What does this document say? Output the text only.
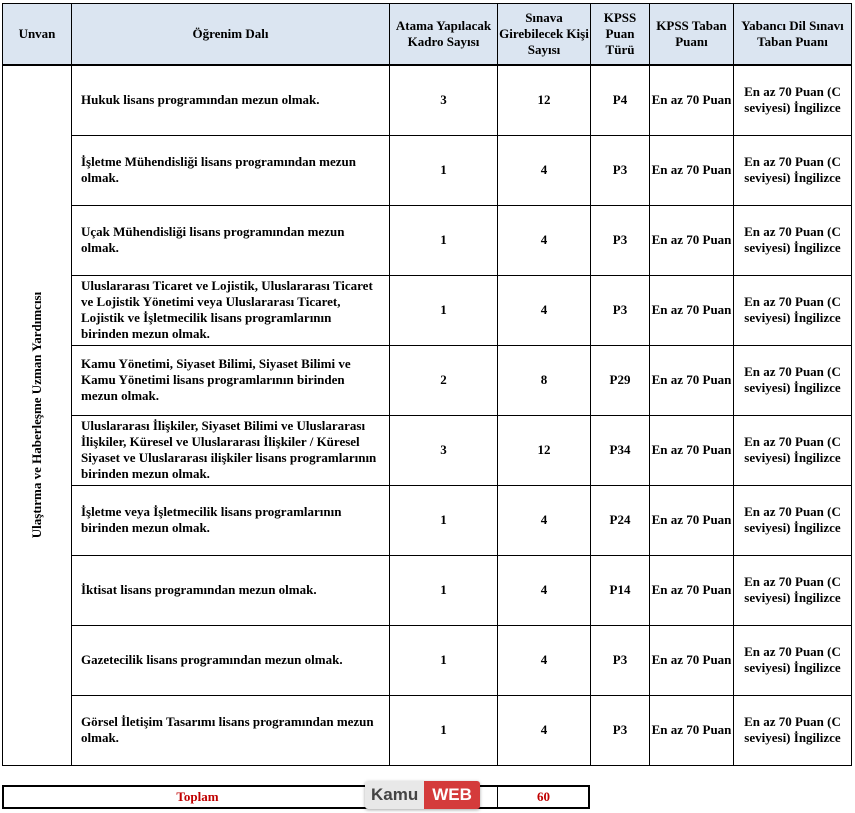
Unvan	Öğrenim Dalı	Atama Yapılacak Kadro Sayısı	Sınava Girebilecek Kişi Sayısı	KPSS Puan Türü	KPSS Taban Puanı	Yabancı Dil Sınavı Taban Puanı

Ulaştırma ve Haberleşme Uzman Yardımcısı	Hukuk lisans programından mezun olmak.	3	12	P4	En az 70 Puan	En az 70 Puan (C seviyesi) İngilizce
	İşletme Mühendisliği lisans programından mezun olmak.	1	4	P3	En az 70 Puan	En az 70 Puan (C seviyesi) İngilizce
	Uçak Mühendisliği lisans programından mezun olmak.	1	4	P3	En az 70 Puan	En az 70 Puan (C seviyesi) İngilizce
	Uluslararası Ticaret ve Lojistik, Uluslararası Ticaret ve Lojistik Yönetimi veya Uluslararası Ticaret, Lojistik ve İşletmecilik lisans programlarının birinden mezun olmak.	1	4	P3	En az 70 Puan	En az 70 Puan (C seviyesi) İngilizce
	Kamu Yönetimi, Siyaset Bilimi, Siyaset Bilimi ve Kamu Yönetimi lisans programlarının birinden mezun olmak.	2	8	P29	En az 70 Puan	En az 70 Puan (C seviyesi) İngilizce
	Uluslararası İlişkiler, Siyaset Bilimi ve Uluslararası İlişkiler, Küresel ve Uluslararası İlişkiler / Küresel Siyaset ve Uluslararası ilişkiler lisans programlarının birinden mezun olmak.	3	12	P34	En az 70 Puan	En az 70 Puan (C seviyesi) İngilizce
	İşletme veya İşletmecilik lisans programlarının birinden mezun olmak.	1	4	P24	En az 70 Puan	En az 70 Puan (C seviyesi) İngilizce
	İktisat lisans programından mezun olmak.	1	4	P14	En az 70 Puan	En az 70 Puan (C seviyesi) İngilizce
	Gazetecilik lisans programından mezun olmak.	1	4	P3	En az 70 Puan	En az 70 Puan (C seviyesi) İngilizce
	Görsel İletişim Tasarımı lisans programından mezun olmak.	1	4	P3	En az 70 Puan	En az 70 Puan (C seviyesi) İngilizce
Toplam	60
Kamu WEB
